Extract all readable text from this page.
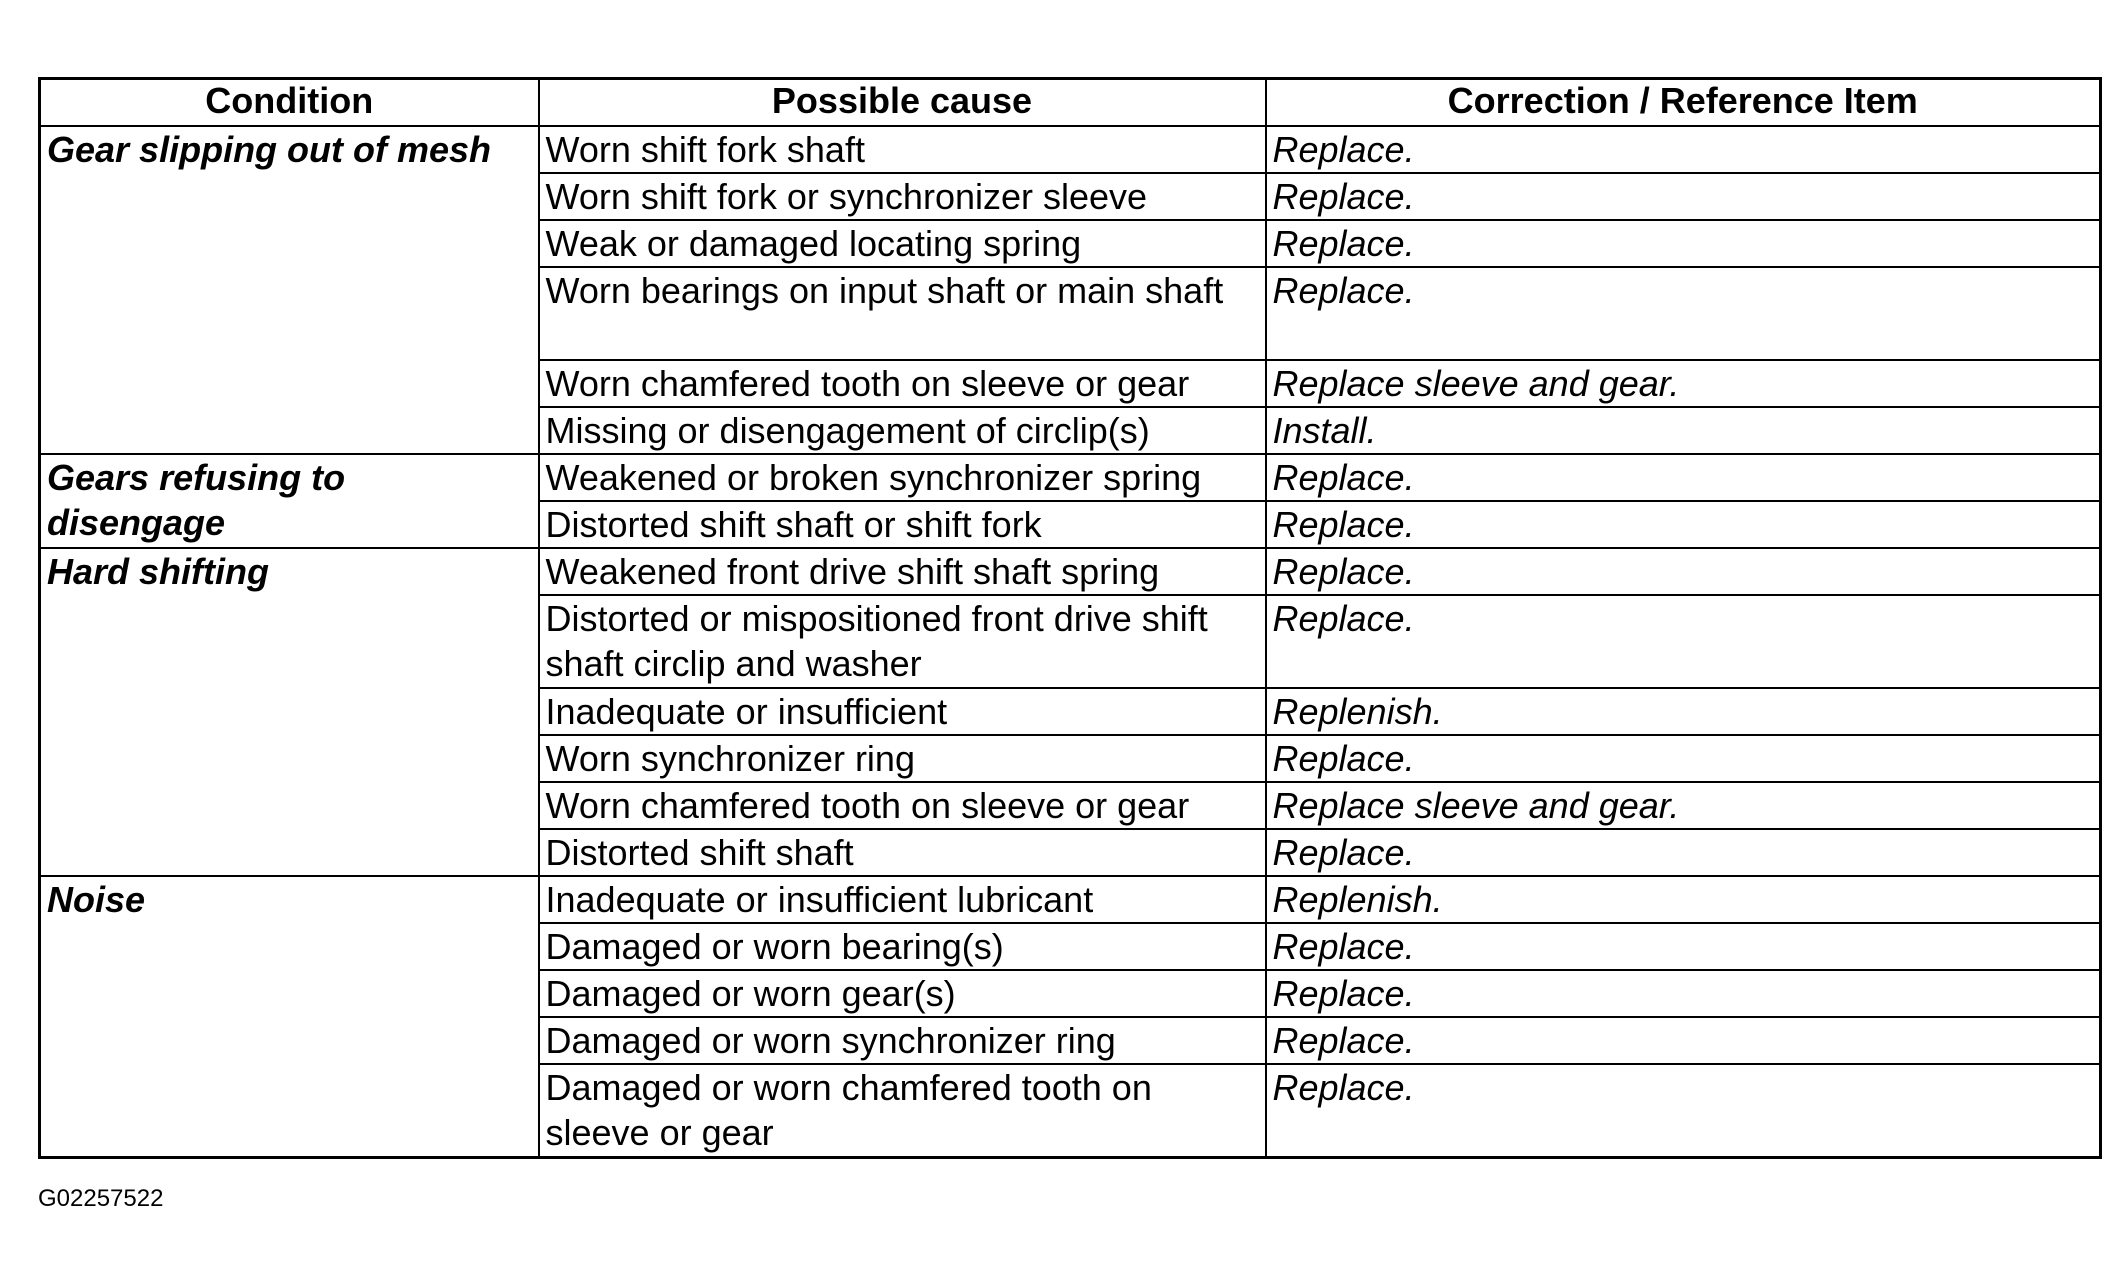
Condition	Possible cause	Correction / Reference Item
Gear slipping out of mesh	Worn shift fork shaft	Replace.
	Worn shift fork or synchronizer sleeve	Replace.
	Weak or damaged locating spring	Replace.
	Worn bearings on input shaft or main shaft	Replace.
	Worn chamfered tooth on sleeve or gear	Replace sleeve and gear.
	Missing or disengagement of circlip(s)	Install.
Gears refusing to disengage	Weakened or broken synchronizer spring	Replace.
	Distorted shift shaft or shift fork	Replace.
Hard shifting	Weakened front drive shift shaft spring	Replace.
	Distorted or mispositioned front drive shift shaft circlip and washer	Replace.
	Inadequate or insufficient	Replenish.
	Worn synchronizer ring	Replace.
	Worn chamfered tooth on sleeve or gear	Replace sleeve and gear.
	Distorted shift shaft	Replace.
Noise	Inadequate or insufficient lubricant	Replenish.
	Damaged or worn bearing(s)	Replace.
	Damaged or worn gear(s)	Replace.
	Damaged or worn synchronizer ring	Replace.
	Damaged or worn chamfered tooth on sleeve or gear	Replace.
G02257522
